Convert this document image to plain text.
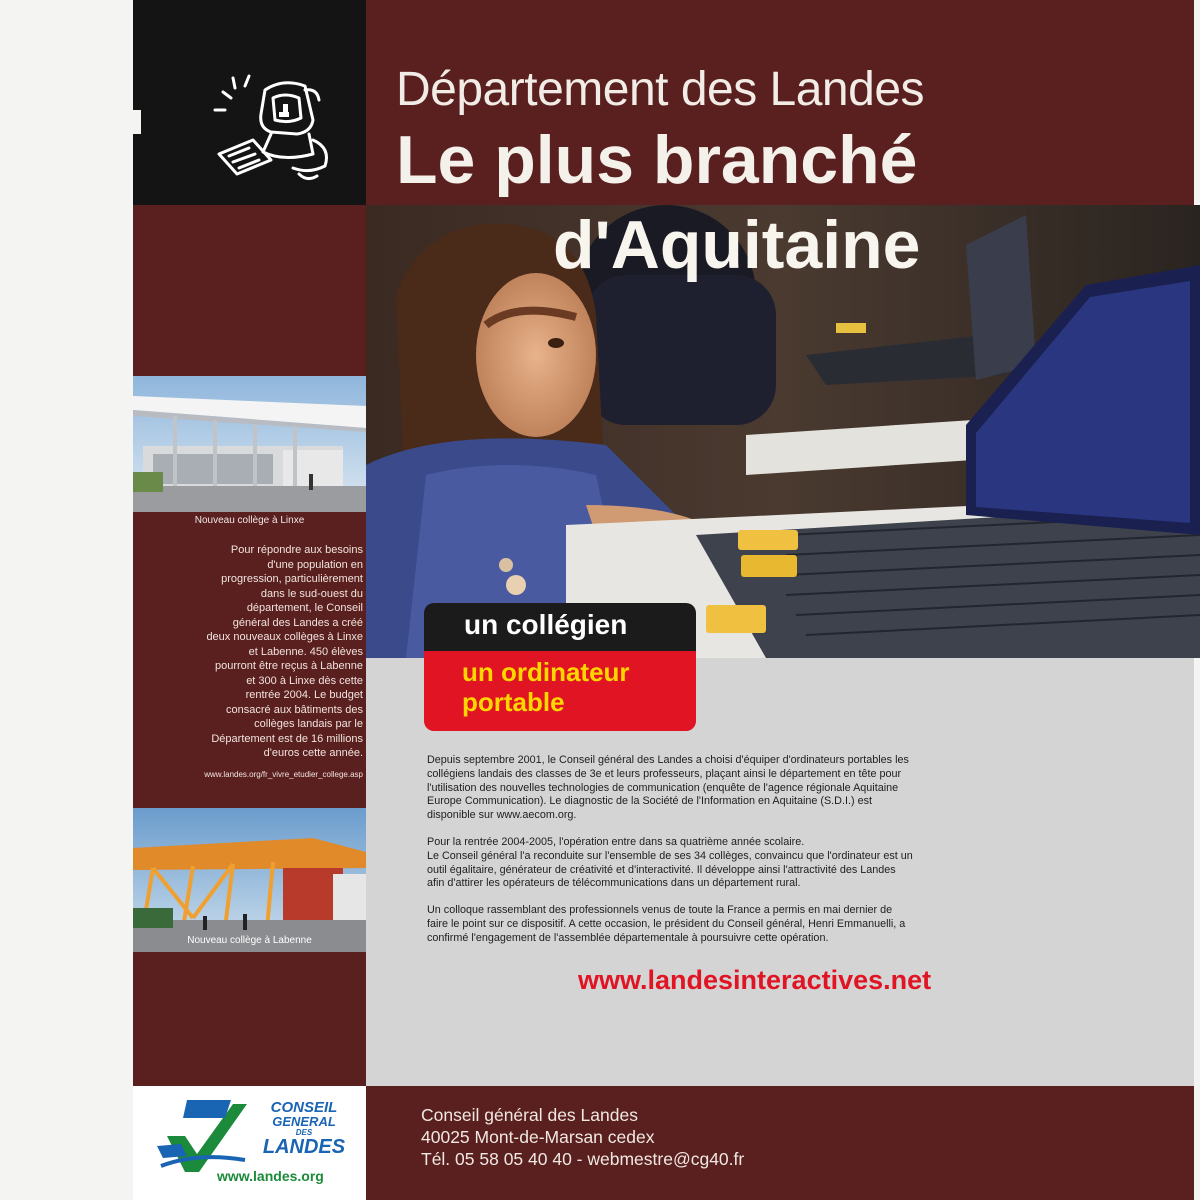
Nouveau collège à Linxe
Pour répondre aux besoins
d'une population en
progression, particulièrement
dans le sud-ouest du
département, le Conseil
général des Landes a créé
deux nouveaux collèges à Linxe
et Labenne. 450 élèves
pourront être reçus à Labenne
et 300 à Linxe dès cette
rentrée 2004. Le budget
consacré aux bâtiments des
collèges landais par le
Département est de 16 millions
d'euros cette année.
www.landes.org/fr_vivre_etudier_college.asp
Nouveau collège à Labenne
CONSEIL
GENERAL
DES
LANDES
www.landes.org
Département des Landes
Le plus branché
d'Aquitaine
un collégien
un ordinateur
portable

Depuis septembre 2001, le Conseil général des Landes a choisi d'équiper d'ordinateurs portables les
collégiens landais des classes de 3e et leurs professeurs, plaçant ainsi le département en tête pour
l'utilisation des nouvelles technologies de communication (enquête de l'agence régionale Aquitaine
Europe Communication). Le diagnostic de la Société de l'Information en Aquitaine (S.D.I.) est
disponible sur www.aecom.org.

Pour la rentrée 2004-2005, l'opération entre dans sa quatrième année scolaire.
Le Conseil général l'a reconduite sur l'ensemble de ses 34 collèges, convaincu que l'ordinateur est un
outil égalitaire, générateur de créativité et d'interactivité. Il développe ainsi l'attractivité des Landes
afin d'attirer les opérateurs de télécommunications dans un département rural.

Un colloque rassemblant des professionnels venus de toute la France a permis en mai dernier de
faire le point sur ce dispositif. A cette occasion, le président du Conseil général, Henri Emmanuelli, a
confirmé l'engagement de l'assemblée départementale à poursuivre cette opération.

www.landesinteractives.net
Conseil général des Landes
40025 Mont-de-Marsan cedex
Tél. 05 58 05 40 40 - webmestre@cg40.fr
